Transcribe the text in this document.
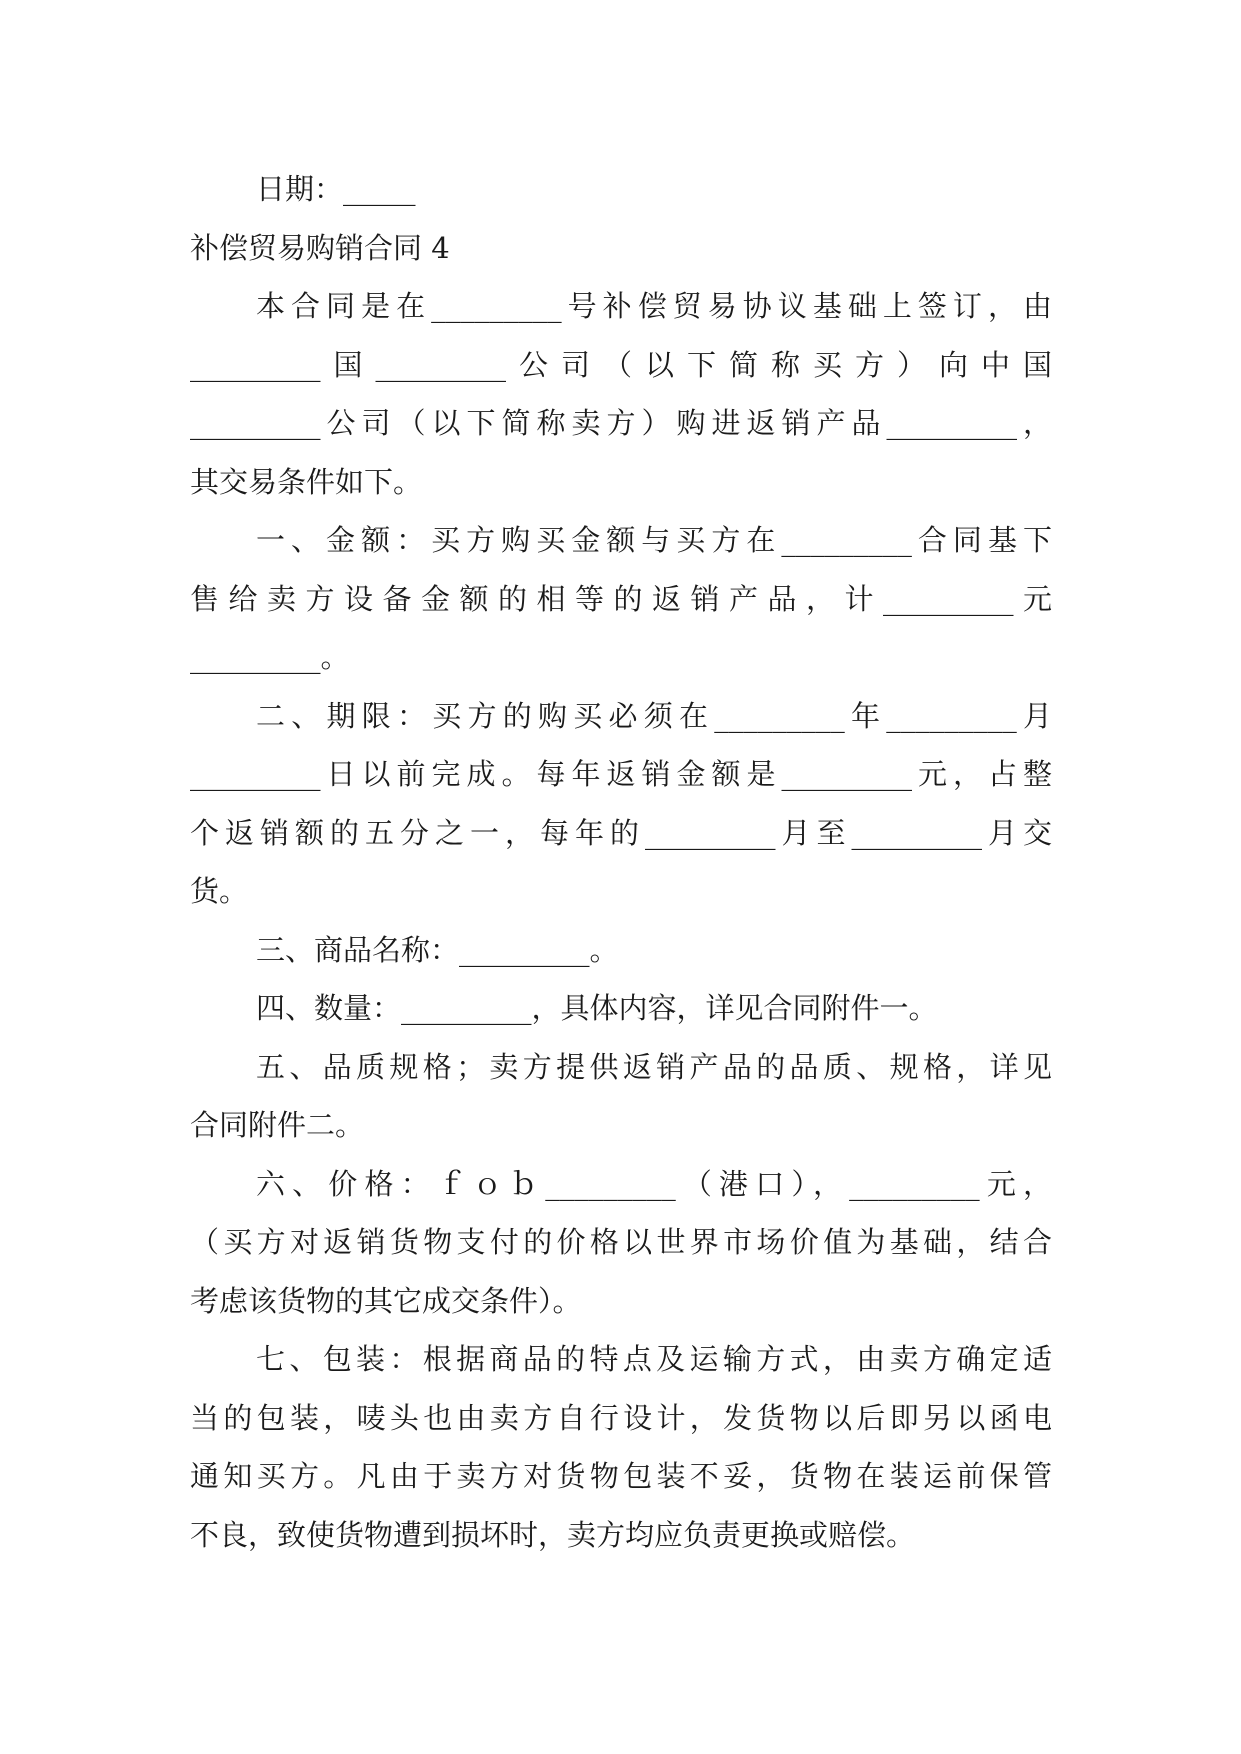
日期：_____
补偿贸易购销合同 4
本合同是在_________号补偿贸易协议基础上签订，由
_________国_________公司（以下简称买方）向中国
_________公司（以下简称卖方）购进返销产品_________，
其交易条件如下。
一、金额：买方购买金额与买方在_________合同基下
售给卖方设备金额的相等的返销产品，计_________元
_________。
二、期限：买方的购买必须在_________年_________月
_________日以前完成。每年返销金额是_________元，占整
个返销额的五分之一，每年的_________月至_________月交
货。
三、商品名称：_________。
四、数量：_________，具体内容，详见合同附件一。
五、品质规格；卖方提供返销产品的品质、规格，详见
合同附件二。
六、价格：ｆｏｂ_________（港口），_________元，
（买方对返销货物支付的价格以世界市场价值为基础，结合
考虑该货物的其它成交条件）。
七、包装：根据商品的特点及运输方式，由卖方确定适
当的包装，唛头也由卖方自行设计，发货物以后即另以函电
通知买方。凡由于卖方对货物包装不妥，货物在装运前保管
不良，致使货物遭到损坏时，卖方均应负责更换或赔偿。
